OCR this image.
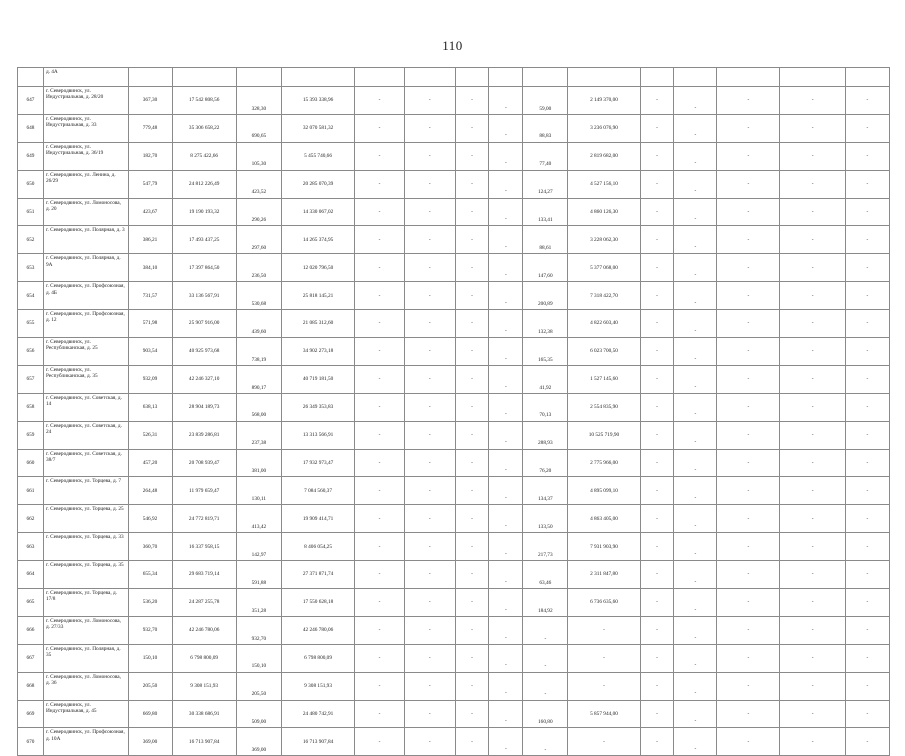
110
	д. 4А															
647	г. Северодвинск, ул. Индустриальная, д. 28/20	367,30	17 542 808,56	328,30	15 393 338,96	-	-	-	-	59,00	2 149 370,00	-	-	-	-	-
648	г. Северодвинск, ул. Индустриальная, д. 33	779,48	35 306 658,22	690,65	32 070 581,32	-	-	-	-	88,83	3 236 076,90	-	-	-	-	-
649	г. Северодвинск, ул. Индустриальная, д. 36/19	182,70	8 275 422,66	105,30	5 455 740,66	-	-	-	-	77,40	2 819 682,00	-	-	-	-	-
650	г. Северодвинск, ул. Ленина, д. 26/29	547,79	24 812 226,49	423,52	20 285 070,39	-	-	-	-	124,27	4 527 156,10	-	-	-	-	-
651	г. Северодвинск, ул. Ломоносова, д. 20	423,67	19 190 193,32	290,26	14 330 067,02	-	-	-	-	133,41	4 860 126,30	-	-	-	-	-
652	г. Северодвинск, ул. Полярная, д. 3	386,21	17 493 437,25	297,60	14 265 374,95	-	-	-	-	88,61	3 228 062,30	-	-	-	-	-
653	г. Северодвинск, ул. Полярная, д. 9А	384,10	17 397 864,50	236,50	12 020 796,50	-	-	-	-	147,60	5 377 068,00	-	-	-	-	-
654	г. Северодвинск, ул. Профсоюзная, д. 4Б	731,57	33 136 567,91	530,68	25 818 145,21	-	-	-	-	200,89	7 318 422,70	-	-	-	-	-
655	г. Северодвинск, ул. Профсоюзная, д. 12	571,98	25 907 916,00	439,60	21 085 312,60	-	-	-	-	132,38	4 822 603,40	-	-	-	-	-
656	г. Северодвинск, ул. Республиканская, д. 25	903,54	40 925 973,68	738,19	34 902 273,18	-	-	-	-	165,35	6 023 700,50	-	-	-	-	-
657	г. Северодвинск, ул. Республиканская, д. 35	932,09	42 246 327,10	890,17	40 719 181,50	-	-	-	-	41,92	1 527 145,60	-	-	-	-	-
658	г. Северодвинск, ул. Советская, д. 14	638,13	28 904 189,73	568,00	26 349 353,83	-	-	-	-	70,13	2 554 835,90	-	-	-	-	-
659	г. Северодвинск, ул. Советская, д. 24	526,31	23 839 286,81	237,38	13 313 566,91	-	-	-	-	288,93	10 525 719,90	-	-	-	-	-
660	г. Северодвинск, ул. Советская, д. 38/7	457,20	20 708 939,47	381,00	17 932 973,47	-	-	-	-	76,20	2 775 966,00	-	-	-	-	-
661	г. Северодвинск, ул. Торцева, д. 7	264,48	11 979 659,47	130,11	7 084 560,37	-	-	-	-	134,37	4 895 099,10	-	-	-	-	-
662	г. Северодвинск, ул. Торцева, д. 25	546,92	24 772 819,71	413,42	19 909 414,71	-	-	-	-	133,50	4 863 405,00	-	-	-	-	-
663	г. Северодвинск, ул. Торцева, д. 33	360,70	16 337 958,15	142,97	8 406 054,25	-	-	-	-	217,73	7 931 903,90	-	-	-	-	-
664	г. Северодвинск, ул. Торцева, д. 35	655,34	29 683 719,14	591,88	27 371 871,74	-	-	-	-	63,46	2 311 847,80	-	-	-	-	-
665	г. Северодвинск, ул. Торцева, д. 17/8	536,20	24 287 255,78	351,28	17 550 628,18	-	-	-	-	184,92	6 736 635,60	-	-	-	-	-
666	г. Северодвинск, ул. Ломоносова, д. 27/33	932,70	42 246 780,06	932,70	42 246 780,06	-	-	-	-	-	-	-	-	-	-	-
667	г. Северодвинск, ул. Полярная, д. 35	150,10	6 798 800,09	150,10	6 798 800,09	-	-	-	-	-	-	-	-	-	-	-
668	г. Северодвинск, ул. Ломоносова, д. 36	205,50	9 308 151,93	205,50	9 308 151,93	-	-	-	-	-	-	-	-	-	-	-
669	г. Северодвинск, ул. Индустриальная, д. 45	669,80	30 338 686,91	509,00	24 480 742,91	-	-	-	-	160,80	5 857 944,00	-	-	-	-	-
670	г. Северодвинск, ул. Профсоюзная, д. 10А	369,00	16 713 907,84	369,00	16 713 907,84	-	-	-	-	-	-	-	-	-	-	-
